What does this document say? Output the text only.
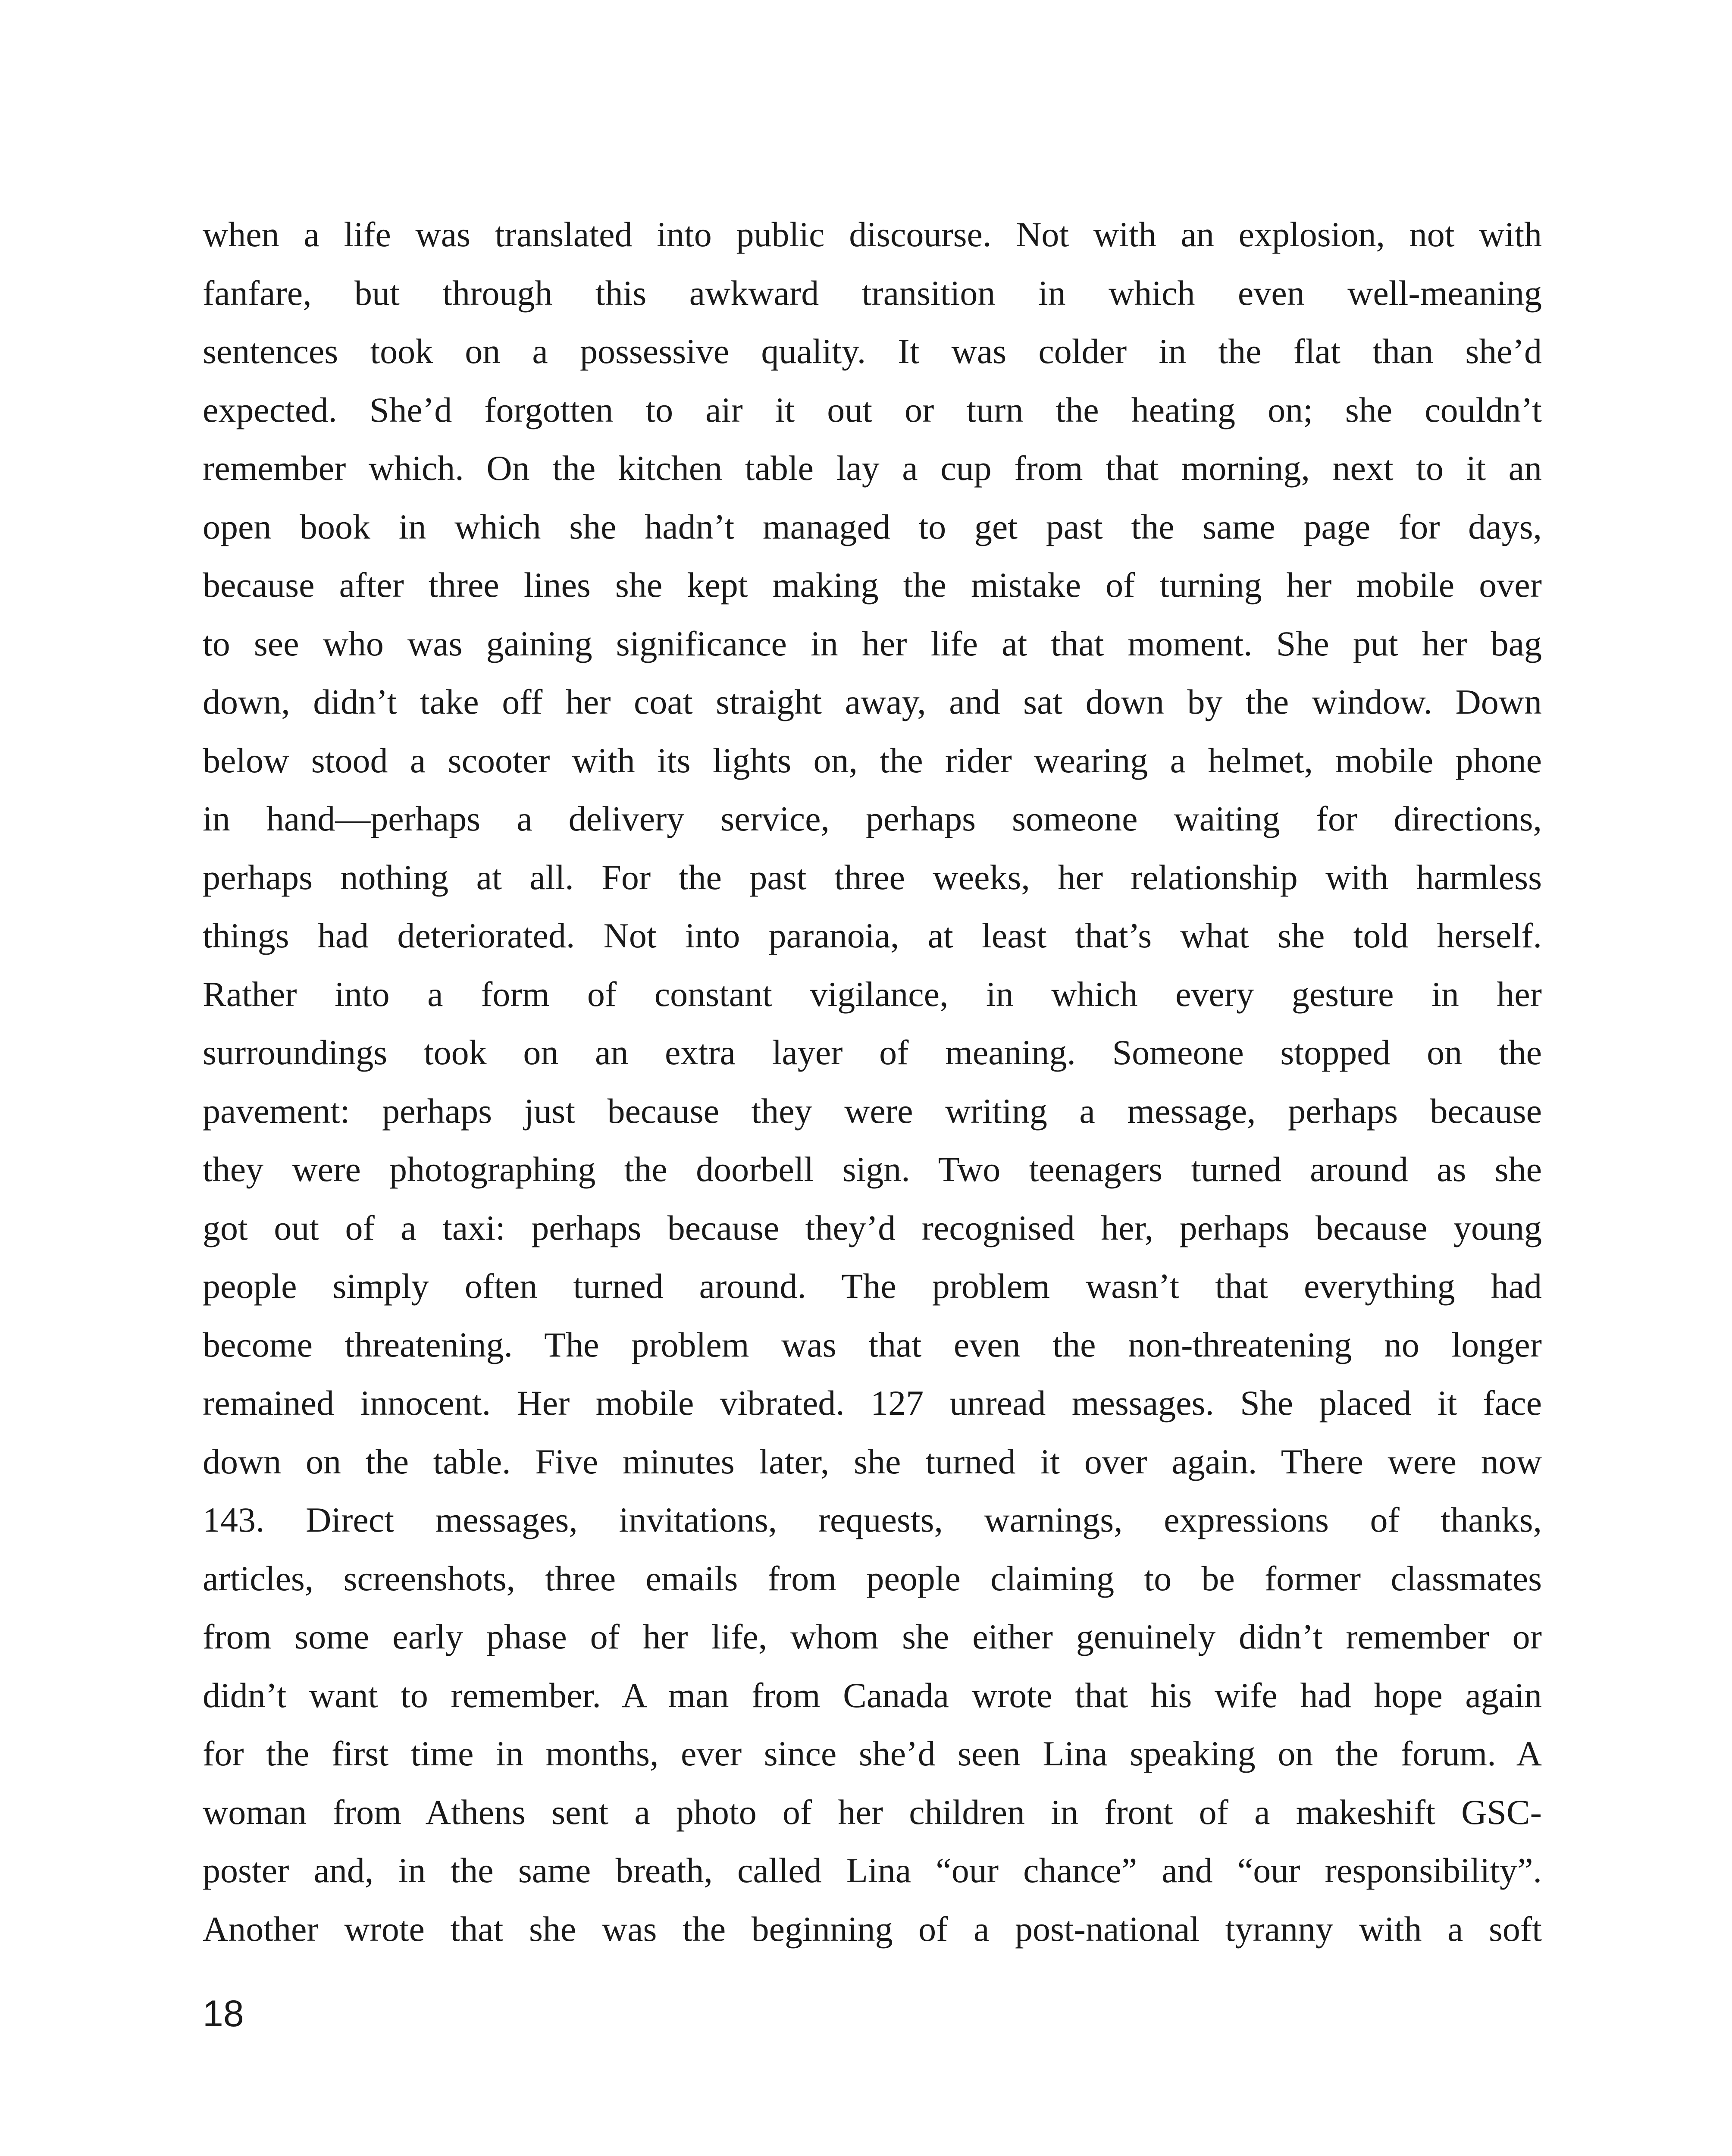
when a life was translated into public discourse. Not with an explosion, not with
fanfare, but through this awkward transition in which even well-meaning
sentences took on a possessive quality. It was colder in the flat than she’d
expected. She’d forgotten to air it out or turn the heating on; she couldn’t
remember which. On the kitchen table lay a cup from that morning, next to it an
open book in which she hadn’t managed to get past the same page for days,
because after three lines she kept making the mistake of turning her mobile over
to see who was gaining significance in her life at that moment. She put her bag
down, didn’t take off her coat straight away, and sat down by the window. Down
below stood a scooter with its lights on, the rider wearing a helmet, mobile phone
in hand—perhaps a delivery service, perhaps someone waiting for directions,
perhaps nothing at all. For the past three weeks, her relationship with harmless
things had deteriorated. Not into paranoia, at least that’s what she told herself.
Rather into a form of constant vigilance, in which every gesture in her
surroundings took on an extra layer of meaning. Someone stopped on the
pavement: perhaps just because they were writing a message, perhaps because
they were photographing the doorbell sign. Two teenagers turned around as she
got out of a taxi: perhaps because they’d recognised her, perhaps because young
people simply often turned around. The problem wasn’t that everything had
become threatening. The problem was that even the non-threatening no longer
remained innocent. Her mobile vibrated. 127 unread messages. She placed it face
down on the table. Five minutes later, she turned it over again. There were now
143. Direct messages, invitations, requests, warnings, expressions of thanks,
articles, screenshots, three emails from people claiming to be former classmates
from some early phase of her life, whom she either genuinely didn’t remember or
didn’t want to remember. A man from Canada wrote that his wife had hope again
for the first time in months, ever since she’d seen Lina speaking on the forum. A
woman from Athens sent a photo of her children in front of a makeshift GSC-
poster and, in the same breath, called Lina “our chance” and “our responsibility”.
Another wrote that she was the beginning of a post-national tyranny with a soft
18
